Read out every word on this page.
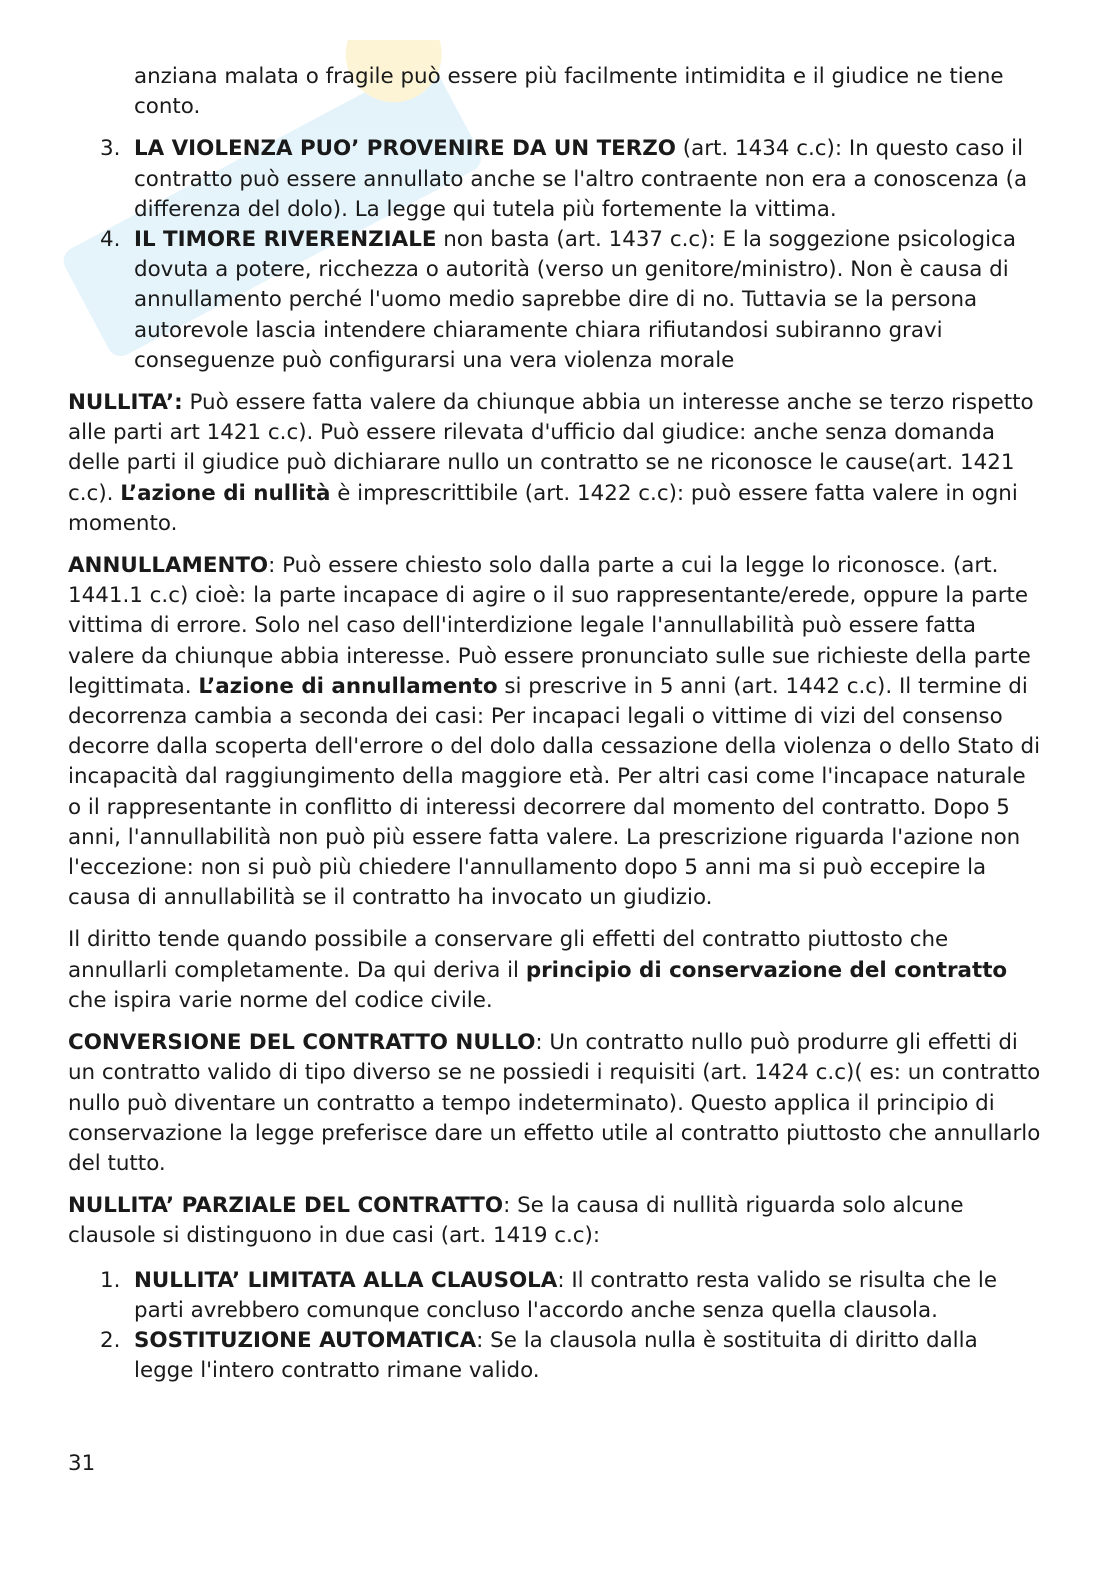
anziana malata o fragile può essere più facilmente intimidita e il giudice ne tiene conto.

3. LA VIOLENZA PUO’ PROVENIRE DA UN TERZO (art. 1434 c.c): In questo caso il contratto può essere annullato anche se l'altro contraente non era a conoscenza (a differenza del dolo). La legge qui tutela più fortemente la vittima.
4. IL TIMORE RIVERENZIALE non basta (art. 1437 c.c): E la soggezione psicologica dovuta a potere, ricchezza o autorità (verso un genitore/ministro). Non è causa di annullamento perché l'uomo medio saprebbe dire di no. Tuttavia se la persona autorevole lascia intendere chiaramente chiara rifiutandosi subiranno gravi conseguenze può configurarsi una vera violenza morale

NULLITA’: Può essere fatta valere da chiunque abbia un interesse anche se terzo rispetto alle parti art 1421 c.c). Può essere rilevata d'ufficio dal giudice: anche senza domanda delle parti il giudice può dichiarare nullo un contratto se ne riconosce le cause(art. 1421 c.c). L’azione di nullità è imprescrittibile (art. 1422 c.c): può essere fatta valere in ogni momento.

ANNULLAMENTO: Può essere chiesto solo dalla parte a cui la legge lo riconosce. (art. 1441.1 c.c) cioè: la parte incapace di agire o il suo rappresentante/erede, oppure la parte vittima di errore. Solo nel caso dell'interdizione legale l'annullabilità può essere fatta valere da chiunque abbia interesse. Può essere pronunciato sulle sue richieste della parte legittimata. L’azione di annullamento si prescrive in 5 anni (art. 1442 c.c). Il termine di decorrenza cambia a seconda dei casi: Per incapaci legali o vittime di vizi del consenso decorre dalla scoperta dell'errore o del dolo dalla cessazione della violenza o dello Stato di incapacità dal raggiungimento della maggiore età. Per altri casi come l'incapace naturale o il rappresentante in conflitto di interessi decorrere dal momento del contratto. Dopo 5 anni, l'annullabilità non può più essere fatta valere. La prescrizione riguarda l'azione non l'eccezione: non si può più chiedere l'annullamento dopo 5 anni ma si può eccepire la causa di annullabilità se il contratto ha invocato un giudizio.

Il diritto tende quando possibile a conservare gli effetti del contratto piuttosto che annullarli completamente. Da qui deriva il principio di conservazione del contratto che ispira varie norme del codice civile.

CONVERSIONE DEL CONTRATTO NULLO: Un contratto nullo può produrre gli effetti di un contratto valido di tipo diverso se ne possiedi i requisiti (art. 1424 c.c)( es: un contratto nullo può diventare un contratto a tempo indeterminato). Questo applica il principio di conservazione la legge preferisce dare un effetto utile al contratto piuttosto che annullarlo del tutto.

NULLITA’ PARZIALE DEL CONTRATTO: Se la causa di nullità riguarda solo alcune clausole si distinguono in due casi (art. 1419 c.c):

1. NULLITA’ LIMITATA ALLA CLAUSOLA: Il contratto resta valido se risulta che le parti avrebbero comunque concluso l'accordo anche senza quella clausola.
2. SOSTITUZIONE AUTOMATICA: Se la clausola nulla è sostituita di diritto dalla legge l'intero contratto rimane valido.
31
